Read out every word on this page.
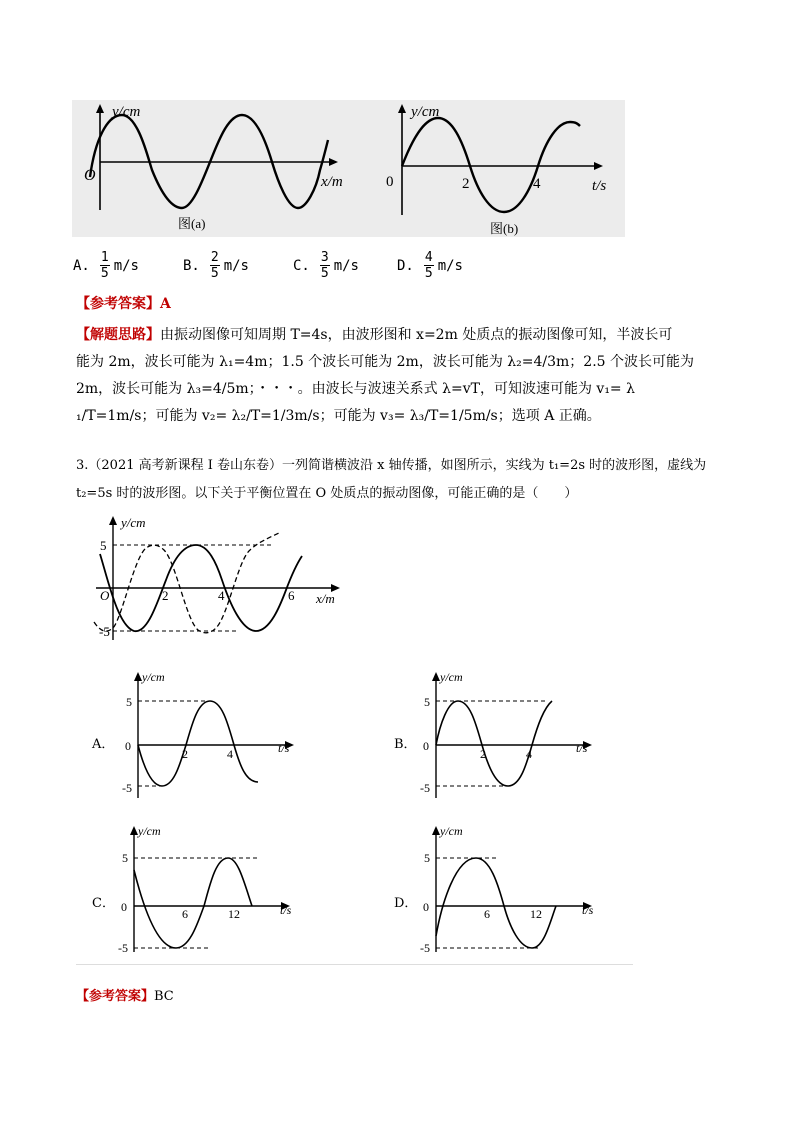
y/cm
O	x/m
图(a)
y/cm
0	2	4	t/s
图(b)
A. $\frac{1}{5} m/s$	B. $\frac{2}{5} m/s$	C. $\frac{3}{5} m/s$	D. $\frac{4}{5} m/s$
【参考答案】A
【解题思路】由振动图像可知周期 T=4s，由波形图和 x=2m 处质点的振动图像可知，半波长可
能为 2m，波长可能为 λ₁=4m；1.5 个波长可能为 2m，波长可能为 λ₂=4/3m；2.5 个波长可能为
2m，波长可能为 λ₃=4/5m；・・・。由波长与波速关系式 λ=vT，可知波速可能为 v₁= λ
₁/T=1m/s；可能为 v₂= λ₂/T=1/3m/s；可能为 v₃= λ₃/T=1/5m/s；选项 A 正确。
3.（2021 高考新课程 I 卷山东卷）一列简谐横波沿 x 轴传播，如图所示，实线为 t₁=2s 时的波形图，虚线为
t₂=5s 时的波形图。以下关于平衡位置在 O 处质点的振动图像，可能正确的是（　　）
y/cm
5
-5
O	2	4	6 x/m
A．
y/cm
5
-5
0
2	4	t/s	B．
y/cm
5
-5
0
2	4	t/s
C．
y/cm
5
-5
0	6	12	t/s	D．
y/cm
5
-5
0	6	12	t/s
【参考答案】BC
